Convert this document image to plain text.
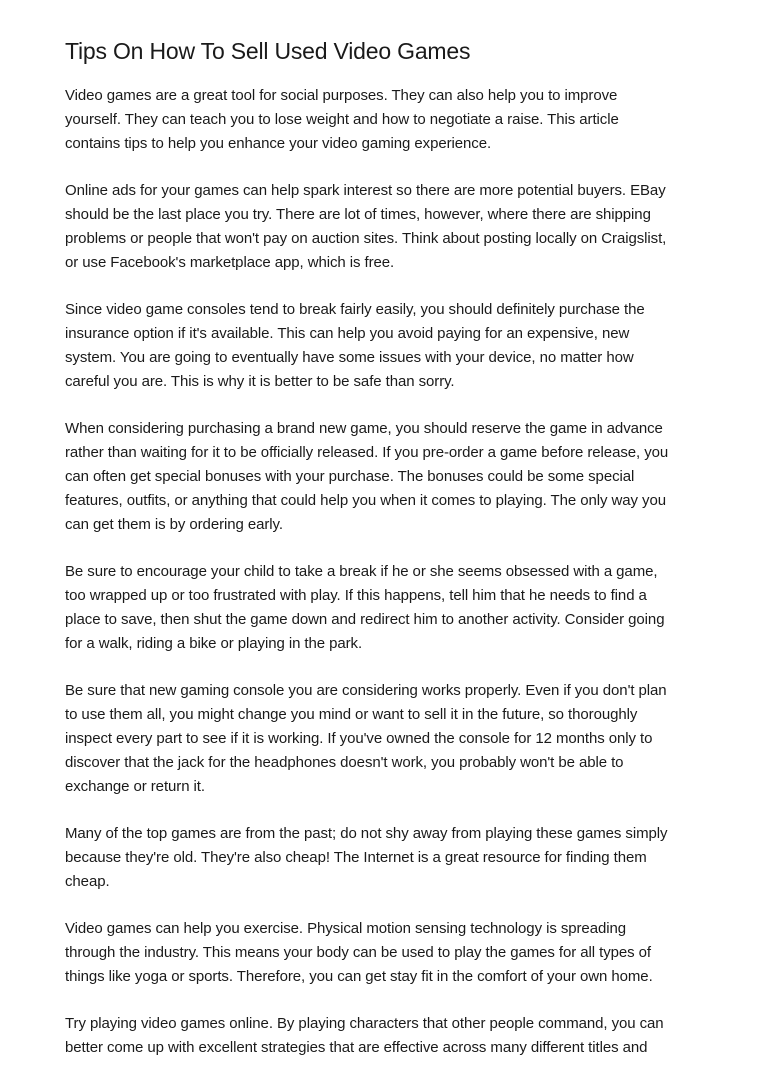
Tips On How To Sell Used Video Games

Video games are a great tool for social purposes. They can also help you to improve
yourself. They can teach you to lose weight and how to negotiate a raise. This article
contains tips to help you enhance your video gaming experience.

Online ads for your games can help spark interest so there are more potential buyers. EBay
should be the last place you try. There are lot of times, however, where there are shipping
problems or people that won't pay on auction sites. Think about posting locally on Craigslist,
or use Facebook's marketplace app, which is free.

Since video game consoles tend to break fairly easily, you should definitely purchase the
insurance option if it's available. This can help you avoid paying for an expensive, new
system. You are going to eventually have some issues with your device, no matter how
careful you are. This is why it is better to be safe than sorry.

When considering purchasing a brand new game, you should reserve the game in advance
rather than waiting for it to be officially released. If you pre-order a game before release, you
can often get special bonuses with your purchase. The bonuses could be some special
features, outfits, or anything that could help you when it comes to playing. The only way you
can get them is by ordering early.

Be sure to encourage your child to take a break if he or she seems obsessed with a game,
too wrapped up or too frustrated with play. If this happens, tell him that he needs to find a
place to save, then shut the game down and redirect him to another activity. Consider going
for a walk, riding a bike or playing in the park.

Be sure that new gaming console you are considering works properly. Even if you don't plan
to use them all, you might change you mind or want to sell it in the future, so thoroughly
inspect every part to see if it is working. If you've owned the console for 12 months only to
discover that the jack for the headphones doesn't work, you probably won't be able to
exchange or return it.

Many of the top games are from the past; do not shy away from playing these games simply
because they're old. They're also cheap! The Internet is a great resource for finding them
cheap.

Video games can help you exercise. Physical motion sensing technology is spreading
through the industry. This means your body can be used to play the games for all types of
things like yoga or sports. Therefore, you can get stay fit in the comfort of your own home.

Try playing video games online. By playing characters that other people command, you can
better come up with excellent strategies that are effective across many different titles and
